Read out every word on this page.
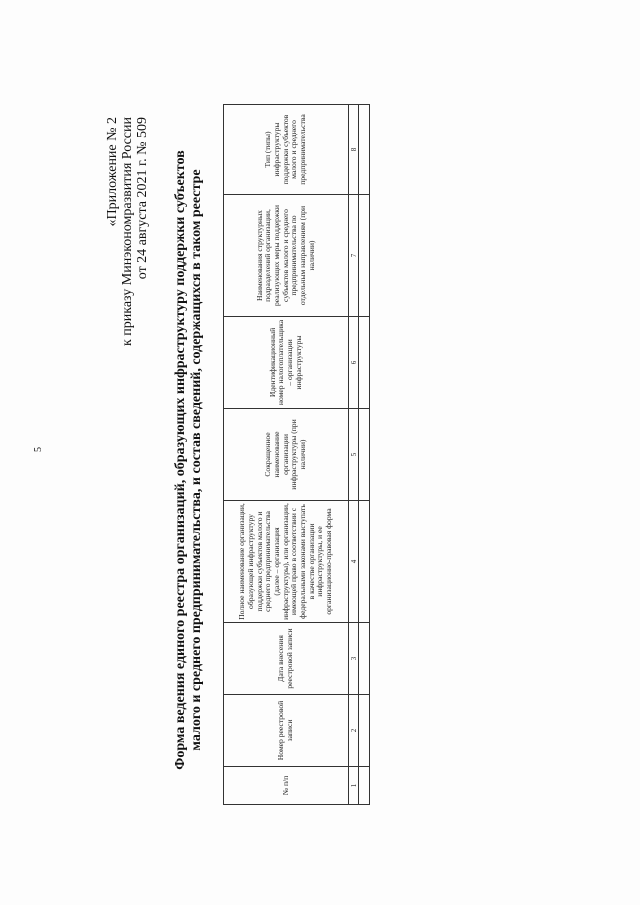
5
«Приложение № 2 к приказу Минэкономразвития России от 24 августа 2021 г. № 509 Форма ведения единого реестра организаций, образующих инфраструктуру поддержки субъектов малого и среднего предпринимательства, и состав сведений, содержащихся в таком реестре
№ п/п	Номер реестровой записи	Дата внесения реестровой записи	Полное наименование организации, образующей инфраструктуру поддержки субъектов малого и среднего предпринимательства (далее – организация инфраструктуры), или организации, имеющей право в соответствии с федеральными законами выступать в качестве организации инфраструктуры, и ее организационно-правовая форма	Сокращенное наименование организации инфраструктуры (при наличии)	Идентификационный номер налогоплательщика – организации инфраструктуры	Наименования структурных подразделений организации, реализующих меры поддержки субъектов малого и среднего предпринимательства по отдельным направлениям (при наличии)	Тип (типы) инфраструктуры поддержки субъектов малого и среднего предпринимательства
1	2	3	4	5	6	7	8
